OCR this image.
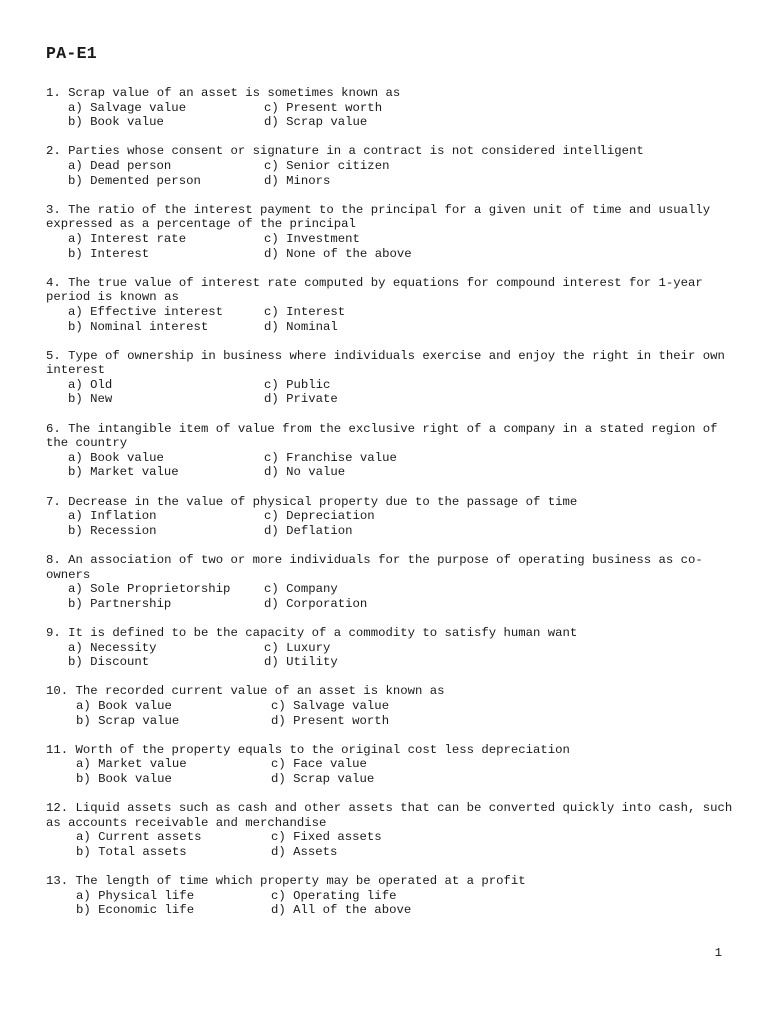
PA-E1

1. Scrap value of an asset is sometimes known as

a) Salvage value	c) Present worth
b) Book value	d) Scrap value

2. Parties whose consent or signature in a contract is not considered intelligent

a) Dead person	c) Senior citizen
b) Demented person	d) Minors

3. The ratio of the interest payment to the principal for a given unit of time and usually expressed as a percentage of the principal

a) Interest rate	c) Investment
b) Interest	d) None of the above

4. The true value of interest rate computed by equations for compound interest for 1-year period is known as

a) Effective interest	c) Interest
b) Nominal interest	d) Nominal

5. Type of ownership in business where individuals exercise and enjoy the right in their own interest

a) Old	c) Public
b) New	d) Private

6. The intangible item of value from the exclusive right of a company in a stated region of the country

a) Book value	c) Franchise value
b) Market value	d) No value

7. Decrease in the value of physical property due to the passage of time

a) Inflation	c) Depreciation
b) Recession	d) Deflation

8. An association of two or more individuals for the purpose of operating business as co-owners

a) Sole Proprietorship	c) Company
b) Partnership	d) Corporation

9. It is defined to be the capacity of a commodity to satisfy human want

a) Necessity	c) Luxury
b) Discount	d) Utility

10. The recorded current value of an asset is known as

a) Book value	c) Salvage value
b) Scrap value	d) Present worth

11. Worth of the property equals to the original cost less depreciation

a) Market value	c) Face value
b) Book value	d) Scrap value

12. Liquid assets such as cash and other assets that can be converted quickly into cash, such as accounts receivable and merchandise

a) Current assets	c) Fixed assets
b) Total assets	d) Assets

13. The length of time which property may be operated at a profit

a) Physical life	c) Operating life
b) Economic life	d) All of the above
1
